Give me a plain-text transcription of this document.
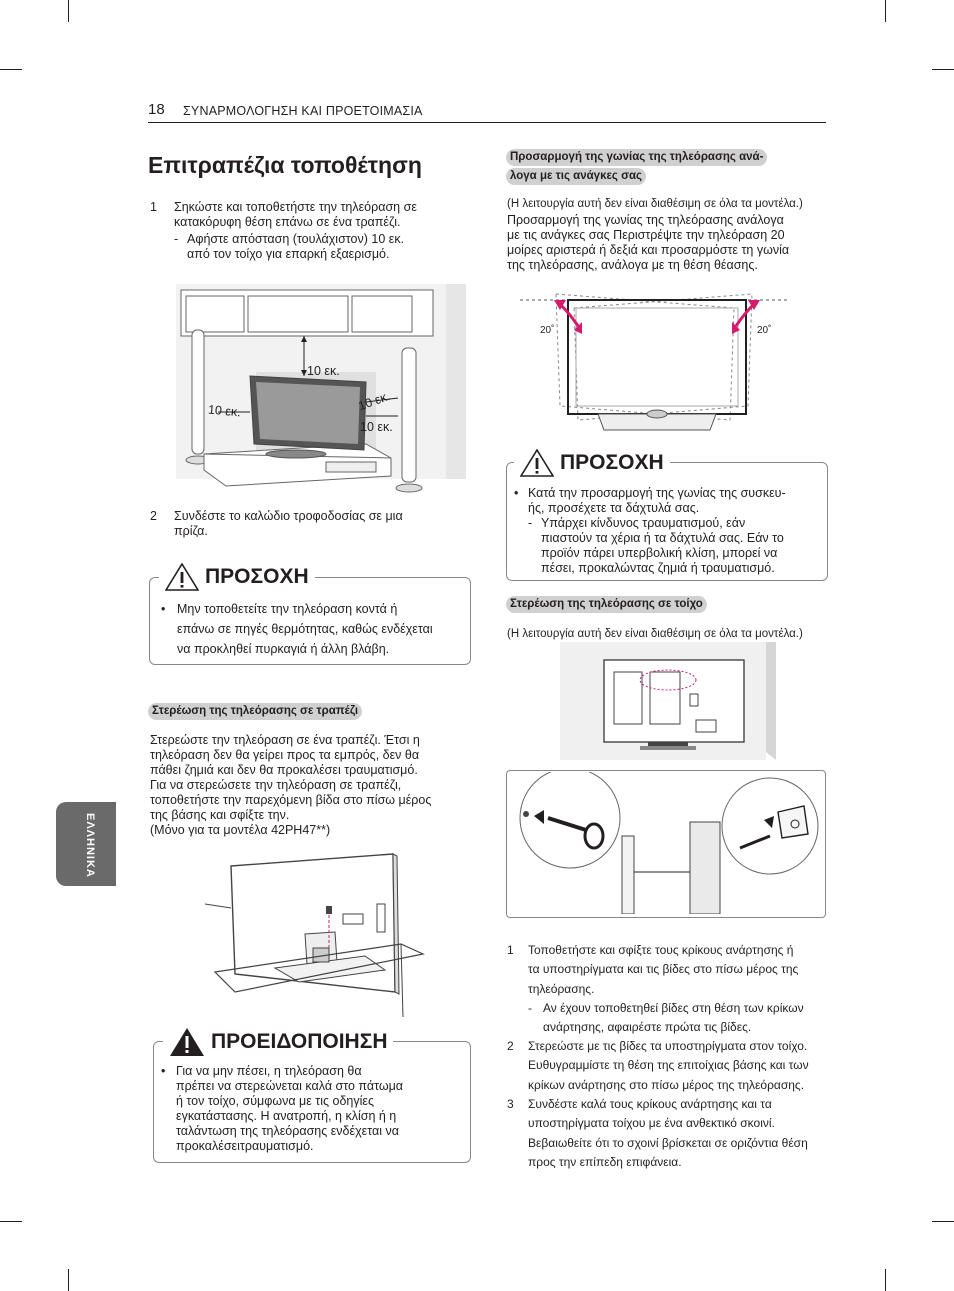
18 ΣΥΝΑΡΜΟΛΟΓΗΣΗ ΚΑΙ ΠΡΟΕΤΟΙΜΑΣΙΑ
ΕΛΛΗΝΙΚΑ
Επιτραπέζια τοποθέτηση
1 Σηκώστε και τοποθετήστε την τηλεόραση σε
κατακόρυφη θέση επάνω σε ένα τραπέζι.
- Αφήστε απόσταση (τουλάχιστον) 10 εκ.
από τον τοίχο για επαρκή εξαερισμό.
10 εκ.
10 εκ.	10 εκ.
10 εκ.
2 Συνδέστε το καλώδιο τροφοδοσίας σε μια
πρίζα.
ΠΡΟΣΟΧΗ
• Μην τοποθετείτε την τηλεόραση κοντά ή
επάνω σε πηγές θερμότητας, καθώς ενδέχεται
να προκληθεί πυρκαγιά ή άλλη βλάβη.
Στερέωση της τηλεόρασης σε τραπέζι
Στερεώστε την τηλεόραση σε ένα τραπέζι. Έτσι η
τηλεόραση δεν θα γείρει προς τα εμπρός, δεν θα
πάθει ζημιά και δεν θα προκαλέσει τραυματισμό.
Για να στερεώσετε την τηλεόραση σε τραπέζι,
τοποθετήστε την παρεχόμενη βίδα στο πίσω μέρος
της βάσης και σφίξτε την.
(Μόνο για τα μοντέλα 42PH47**)
ΠΡΟΕΙΔΟΠΟΙΗΣΗ
• Για να μην πέσει, η τηλεόραση θα
πρέπει να στερεώνεται καλά στο πάτωμα
ή τον τοίχο, σύμφωνα με τις οδηγίες
εγκατάστασης. Η ανατροπή, η κλίση ή η
ταλάντωση της τηλεόρασης ενδέχεται να
προκαλέσειτραυματισμό.
Προσαρμογή της γωνίας της τηλεόρασης ανά-
λογα με τις ανάγκες σας
(Η λειτουργία αυτή δεν είναι διαθέσιμη σε όλα τα μοντέλα.)
Προσαρμογή της γωνίας της τηλεόρασης ανάλογα
με τις ανάγκες σας Περιστρέψτε την τηλεόραση 20
μοίρες αριστερά ή δεξιά και προσαρμόστε τη γωνία
της τηλεόρασης, ανάλογα με τη θέση θέασης.
20˚	20˚
ΠΡΟΣΟΧΗ
• Κατά την προσαρμογή της γωνίας της συσκευ-
ής, προσέχετε τα δάχτυλά σας.
- Υπάρχει κίνδυνος τραυματισμού, εάν
πιαστούν τα χέρια ή τα δάχτυλά σας. Εάν το
προϊόν πάρει υπερβολική κλίση, μπορεί να
πέσει, προκαλώντας ζημιά ή τραυματισμό.
Στερέωση της τηλεόρασης σε τοίχο
(Η λειτουργία αυτή δεν είναι διαθέσιμη σε όλα τα μοντέλα.)
1 Τοποθετήστε και σφίξτε τους κρίκους ανάρτησης ή
τα υποστηρίγματα και τις βίδες στο πίσω μέρος της
τηλεόρασης.
- Αν έχουν τοποθετηθεί βίδες στη θέση των κρίκων
ανάρτησης, αφαιρέστε πρώτα τις βίδες.
2 Στερεώστε με τις βίδες τα υποστηρίγματα στον τοίχο.
Ευθυγραμμίστε τη θέση της επιτοίχιας βάσης και των
κρίκων ανάρτησης στο πίσω μέρος της τηλεόρασης.
3 Συνδέστε καλά τους κρίκους ανάρτησης και τα
υποστηρίγματα τοίχου με ένα ανθεκτικό σκοινί.
Βεβαιωθείτε ότι το σχοινί βρίσκεται σε οριζόντια θέση
προς την επίπεδη επιφάνεια.
